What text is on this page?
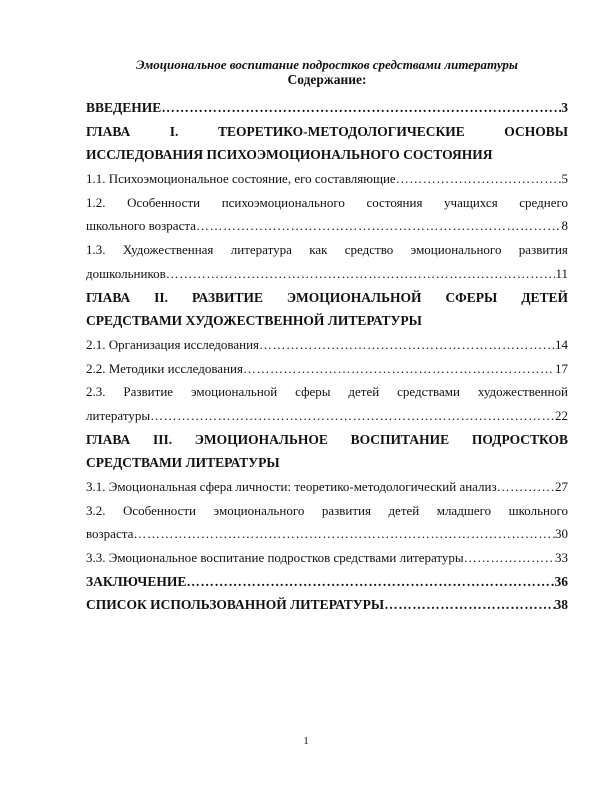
Эмоциональное воспитание подростков средствами литературы
Содержание:
ВВЕДЕНИЕ ……………………………………………………………………………………………………………………………………………………………………………………………………………………………………	3
ГЛАВА	I.	ТЕОРЕТИКО-МЕТОДОЛОГИЧЕСКИЕ	ОСНОВЫ
ИССЛЕДОВАНИЯ ПСИХОЭМОЦИОНАЛЬНОГО СОСТОЯНИЯ
1.1. Психоэмоциональное состояние, его составляющие ……………………………………………………………………………………………………………………………………………………………………………………………………………………………………	5
1.2. Особенности психоэмоционального состояния учащихся среднего
школьного возраста ……………………………………………………………………………………………………………………………………………………………………………………………………………………………………	8
1.3. Художественная литература как средство эмоционального развития
дошкольников ……………………………………………………………………………………………………………………………………………………………………………………………………………………………………	11
ГЛАВА II. РАЗВИТИЕ ЭМОЦИОНАЛЬНОЙ СФЕРЫ ДЕТЕЙ
СРЕДСТВАМИ ХУДОЖЕСТВЕННОЙ ЛИТЕРАТУРЫ
2.1. Организация исследования ……………………………………………………………………………………………………………………………………………………………………………………………………………………………………	14
2.2. Методики исследования ……………………………………………………………………………………………………………………………………………………………………………………………………………………………………	17
2.3. Развитие эмоциональной сферы детей средствами художественной
литературы ……………………………………………………………………………………………………………………………………………………………………………………………………………………………………	22
ГЛАВА III. ЭМОЦИОНАЛЬНОЕ ВОСПИТАНИЕ ПОДРОСТКОВ
СРЕДСТВАМИ ЛИТЕРАТУРЫ
3.1. Эмоциональная сфера личности: теоретико-методологический анализ ……………………………………………………………………………………………………………………………………………………………………………………………………………………………………	27
3.2. Особенности эмоционального развития детей младшего школьного
возраста ……………………………………………………………………………………………………………………………………………………………………………………………………………………………………	30
3.3. Эмоциональное воспитание подростков средствами литературы ……………………………………………………………………………………………………………………………………………………………………………………………………………………………………	33
ЗАКЛЮЧЕНИЕ ……………………………………………………………………………………………………………………………………………………………………………………………………………………………………	36
СПИСОК ИСПОЛЬЗОВАННОЙ ЛИТЕРАТУРЫ ……………………………………………………………………………………………………………………………………………………………………………………………………………………………………	38
1
